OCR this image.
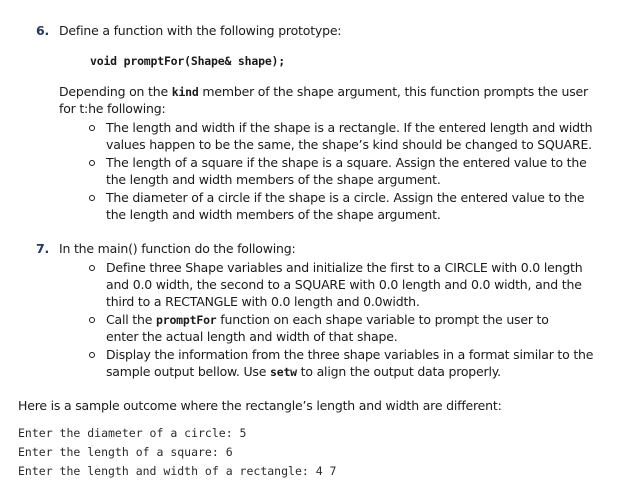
6. Define a function with the following prototype:
void promptFor(Shape& shape);
Depending on the kind member of the shape argument, this function prompts the user
for t:he following:
The length and width if the shape is a rectangle. If the entered length and width
values happen to be the same, the shape’s kind should be changed to SQUARE.
The length of a square if the shape is a square. Assign the entered value to the
the length and width members of the shape argument.
The diameter of a circle if the shape is a circle. Assign the entered value to the
the length and width members of the shape argument.
7. In the main() function do the following:
Define three Shape variables and initialize the first to a CIRCLE with 0.0 length
and 0.0 width, the second to a SQUARE with 0.0 length and 0.0 width, and the
third to a RECTANGLE with 0.0 length and 0.0width.
Call the promptFor function on each shape variable to prompt the user to
enter the actual length and width of that shape.
Display the information from the three shape variables in a format similar to the
sample output bellow. Use setw to align the output data properly.
Here is a sample outcome where the rectangle’s length and width are different:
Enter the diameter of a circle: 5
Enter the length of a square: 6
Enter the length and width of a rectangle: 4 7
